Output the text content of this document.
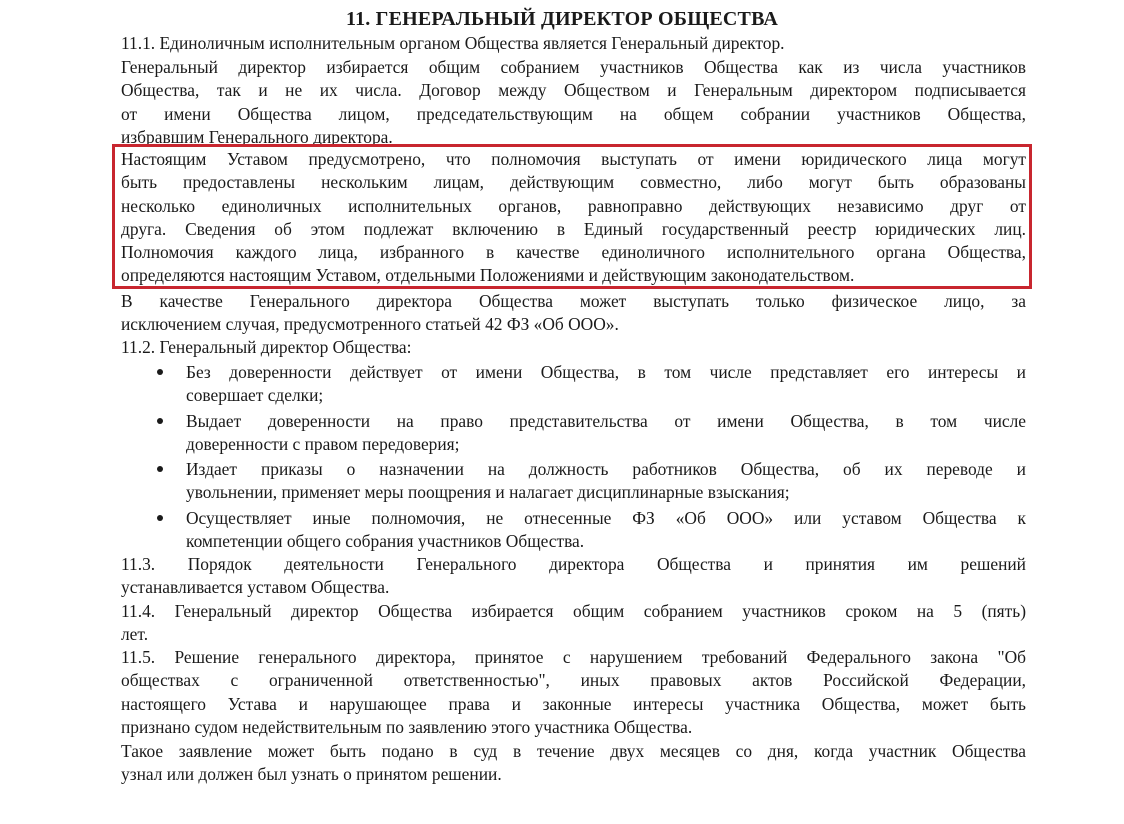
11. ГЕНЕРАЛЬНЫЙ ДИРЕКТОР ОБЩЕСТВА
11.1. Единоличным исполнительным органом Общества является Генеральный директор.
Генеральный директор избирается общим собранием участников Общества как из числа участников
Общества, так и не их числа. Договор между Обществом и Генеральным директором подписывается
от имени Общества лицом, председательствующим на общем собрании участников Общества,
избравшим Генерального директора.
Настоящим Уставом предусмотрено, что полномочия выступать от имени юридического лица могут
быть предоставлены нескольким лицам, действующим совместно, либо могут быть образованы
несколько единоличных исполнительных органов, равноправно действующих независимо друг от
друга. Сведения об этом подлежат включению в Единый государственный реестр юридических лиц.
Полномочия каждого лица, избранного в качестве единоличного исполнительного органа Общества,
определяются настоящим Уставом, отдельными Положениями и действующим законодательством.
В качестве Генерального директора Общества может выступать только физическое лицо, за
исключением случая, предусмотренного статьей 42 ФЗ «Об ООО».
11.2. Генеральный директор Общества:
Без доверенности действует от имени Общества, в том числе представляет его интересы и
совершает сделки;
Выдает доверенности на право представительства от имени Общества, в том числе
доверенности с правом передоверия;
Издает приказы о назначении на должность работников Общества, об их переводе и
увольнении, применяет меры поощрения и налагает дисциплинарные взыскания;
Осуществляет иные полномочия, не отнесенные ФЗ «Об ООО» или уставом Общества к
компетенции общего собрания участников Общества.
11.3. Порядок деятельности Генерального директора Общества и принятия им решений
устанавливается уставом Общества.
11.4. Генеральный директор Общества избирается общим собранием участников сроком на 5 (пять)
лет.
11.5. Решение генерального директора, принятое с нарушением требований Федерального закона "Об
обществах с ограниченной ответственностью", иных правовых актов Российской Федерации,
настоящего Устава и нарушающее права и законные интересы участника Общества, может быть
признано судом недействительным по заявлению этого участника Общества.
Такое заявление может быть подано в суд в течение двух месяцев со дня, когда участник Общества
узнал или должен был узнать о принятом решении.
